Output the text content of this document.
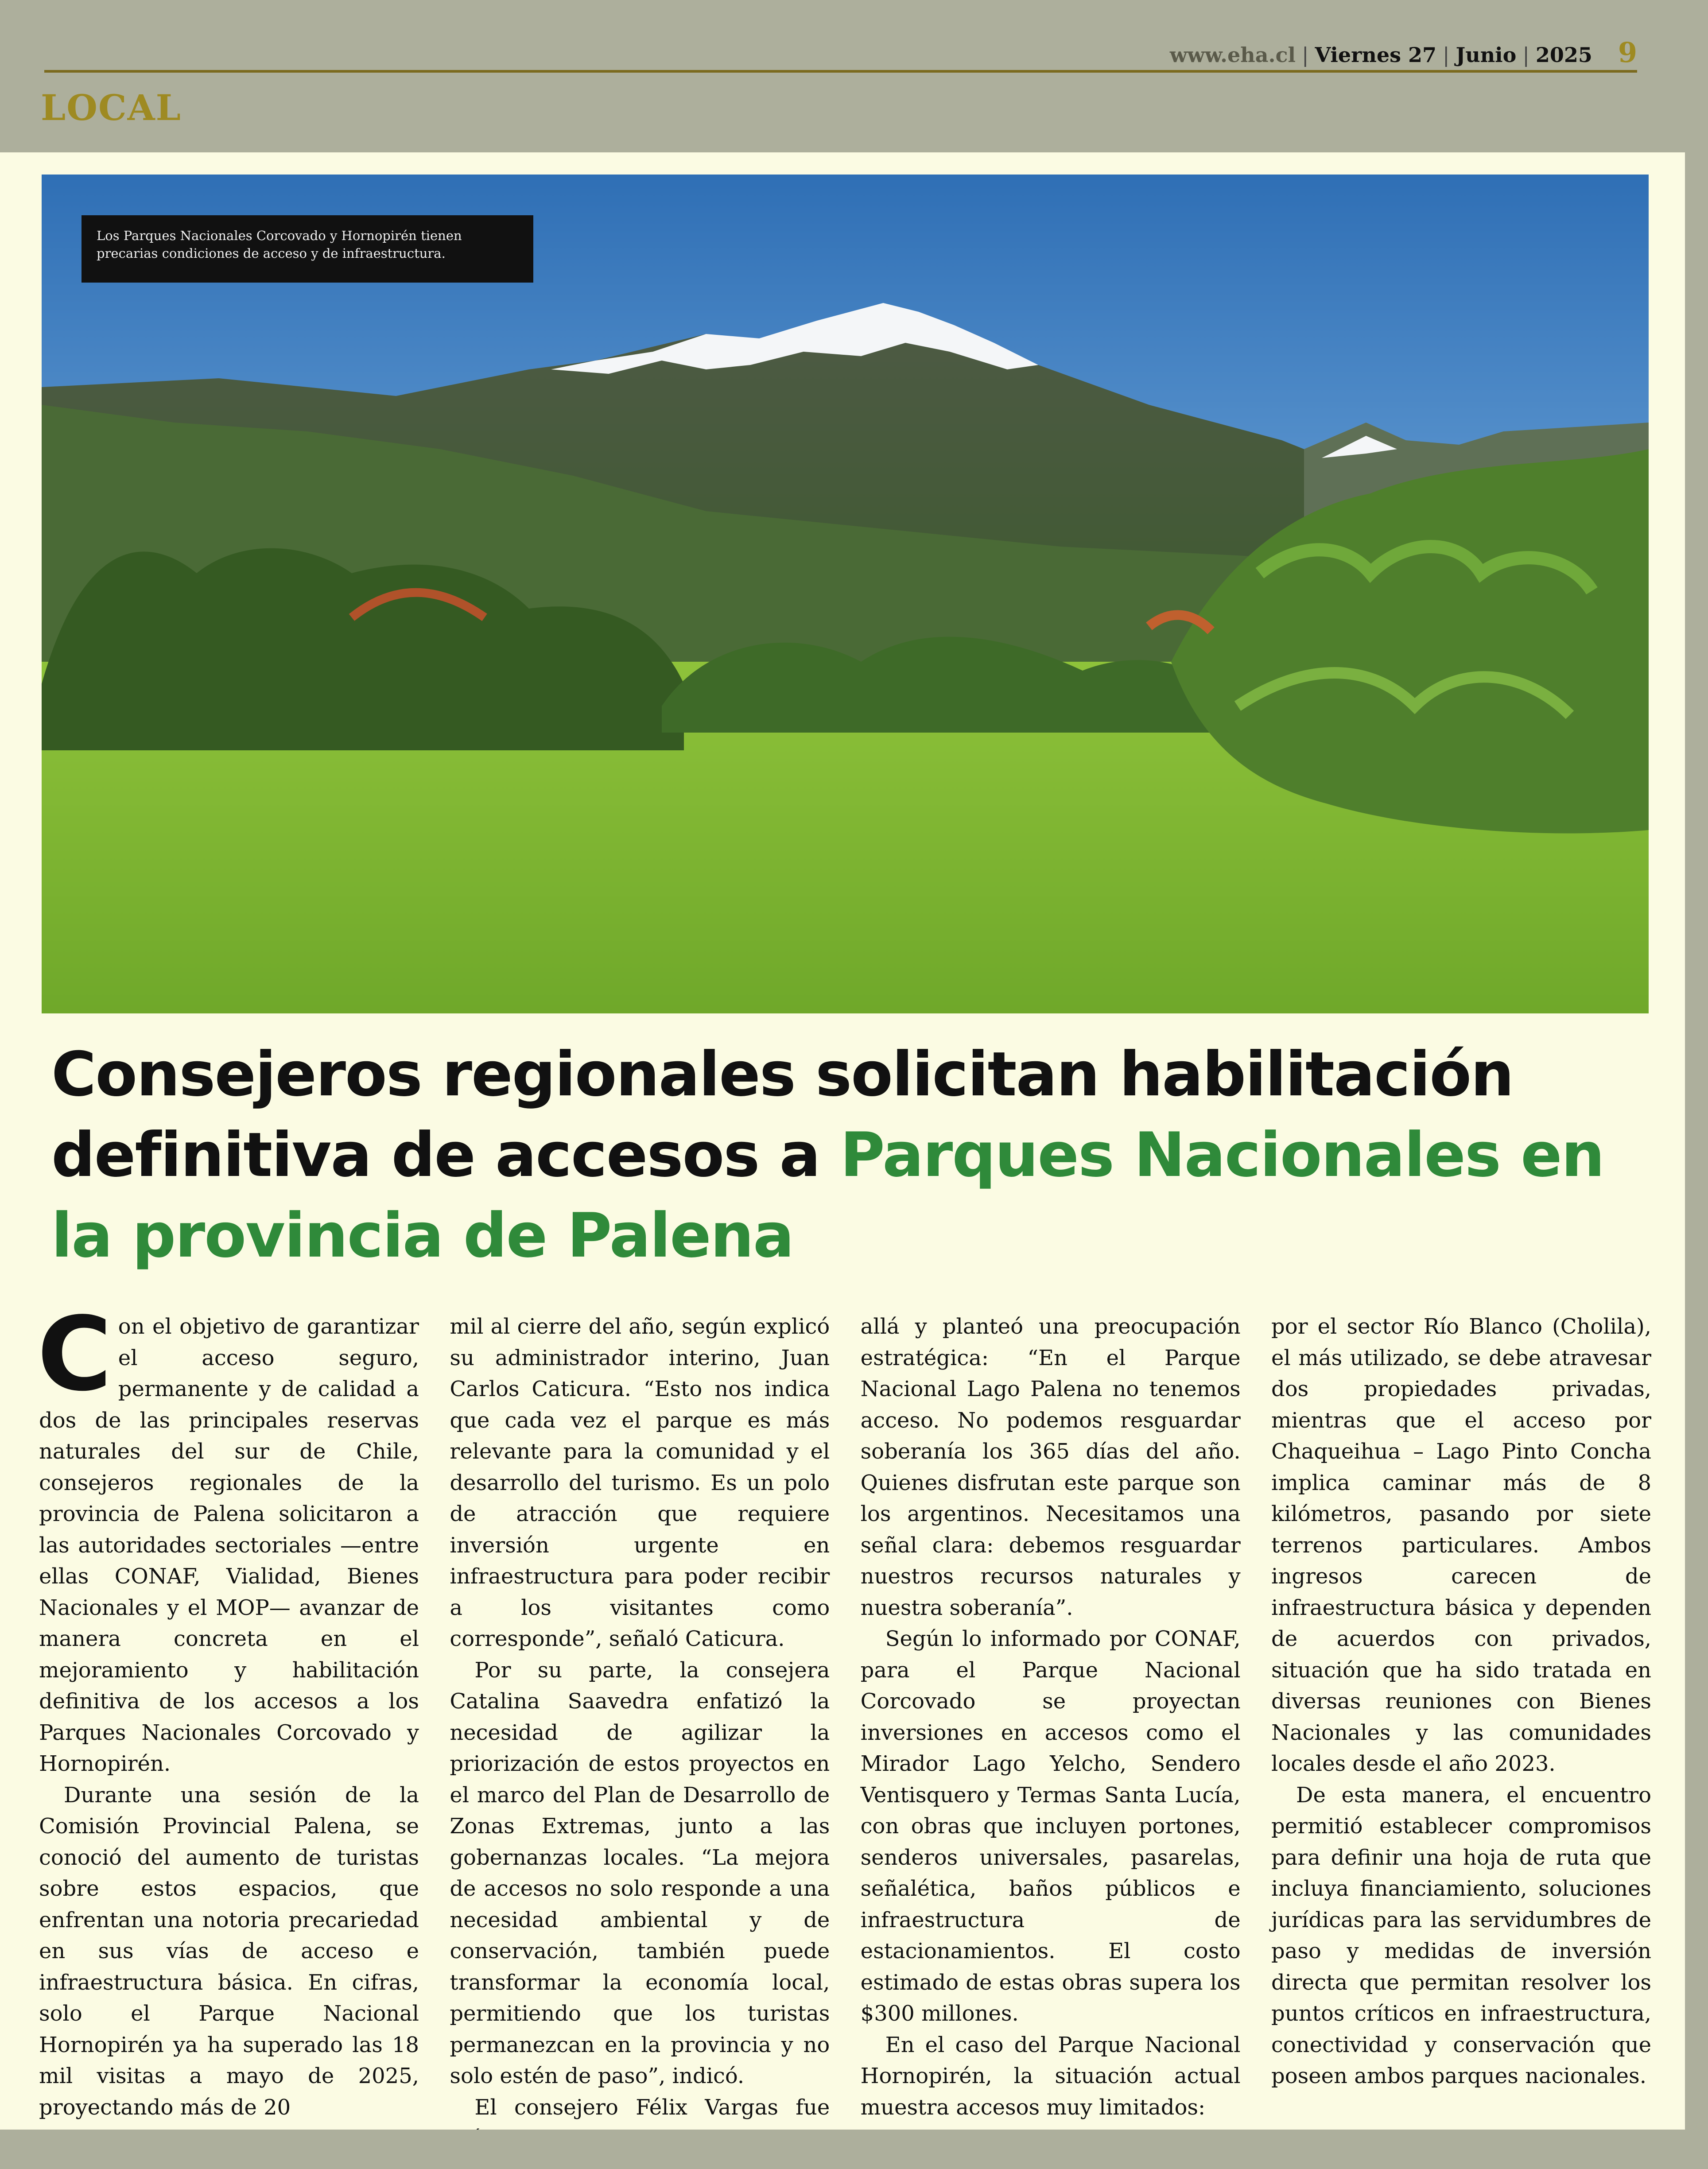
www.eha.cl | Viernes 27 | Junio | 2025 9
LOCAL
Los Parques Nacionales Corcovado y Hornopirén tienen precarias condiciones de acceso y de infraestructura.
Consejeros regionales solicitan habilitación definitiva de accesos a Parques Nacionales en la provincia de Palena

Con el objetivo de garantizar el acceso seguro, permanente y de calidad a dos de las principales reservas naturales del sur de Chile, consejeros regionales de la provincia de Palena solicitaron a las autoridades sectoriales —entre ellas CONAF, Vialidad, Bienes Nacionales y el MOP— avanzar de manera concreta en el mejoramiento y habilitación definitiva de los accesos a los Parques Nacionales Corcovado y Hornopirén.

Durante una sesión de la Comisión Provincial Palena, se conoció del aumento de turistas sobre estos espacios, que enfrentan una notoria precariedad en sus vías de acceso e infraestructura básica. En cifras, solo el Parque Nacional Hornopirén ya ha superado las 18 mil visitas a mayo de 2025, proyectando más de 20

mil al cierre del año, según explicó su administrador interino, Juan Carlos Caticura. “Esto nos indica que cada vez el parque es más relevante para la comunidad y el desarrollo del turismo. Es un polo de atracción que requiere inversión urgente en infraestructura para poder recibir a los visitantes como corresponde”, señaló Caticura.

Por su parte, la consejera Catalina Saavedra enfatizó la necesidad de agilizar la priorización de estos proyectos en el marco del Plan de Desarrollo de Zonas Extremas, junto a las gobernanzas locales. “La mejora de accesos no solo responde a una necesidad ambiental y de conservación, también puede transformar la economía local, permitiendo que los turistas permanezcan en la provincia y no solo estén de paso”, indicó.

El consejero Félix Vargas fue

allá y planteó una preocupación estratégica: “En el Parque Nacional Lago Palena no tenemos acceso. No podemos resguardar soberanía los 365 días del año. Quienes disfrutan este parque son los argentinos. Necesitamos una señal clara: debemos resguardar nuestros recursos naturales y nuestra soberanía”.

Según lo informado por CONAF, para el Parque Nacional Corcovado se proyectan inversiones en accesos como el Mirador Lago Yelcho, Sendero Ventisquero y Termas Santa Lucía, con obras que incluyen portones, senderos universales, pasarelas, señalética, baños públicos e infraestructura de estacionamientos. El costo estimado de estas obras supera los $300 millones.

En el caso del Parque Nacional Hornopirén, la situación actual muestra accesos muy limitados:

por el sector Río Blanco (Cholila), el más utilizado, se debe atravesar dos propiedades privadas, mientras que el acceso por Chaqueihua – Lago Pinto Concha implica caminar más de 8 kilómetros, pasando por siete terrenos particulares. Ambos ingresos carecen de infraestructura básica y dependen de acuerdos con privados, situación que ha sido tratada en diversas reuniones con Bienes Nacionales y las comunidades locales desde el año 2023.

De esta manera, el encuentro permitió establecer compromisos para definir una hoja de ruta que incluya financiamiento, soluciones jurídicas para las servidumbres de paso y medidas de inversión directa que permitan resolver los puntos críticos en infraestructura, conectividad y conservación que poseen ambos parques nacionales.
